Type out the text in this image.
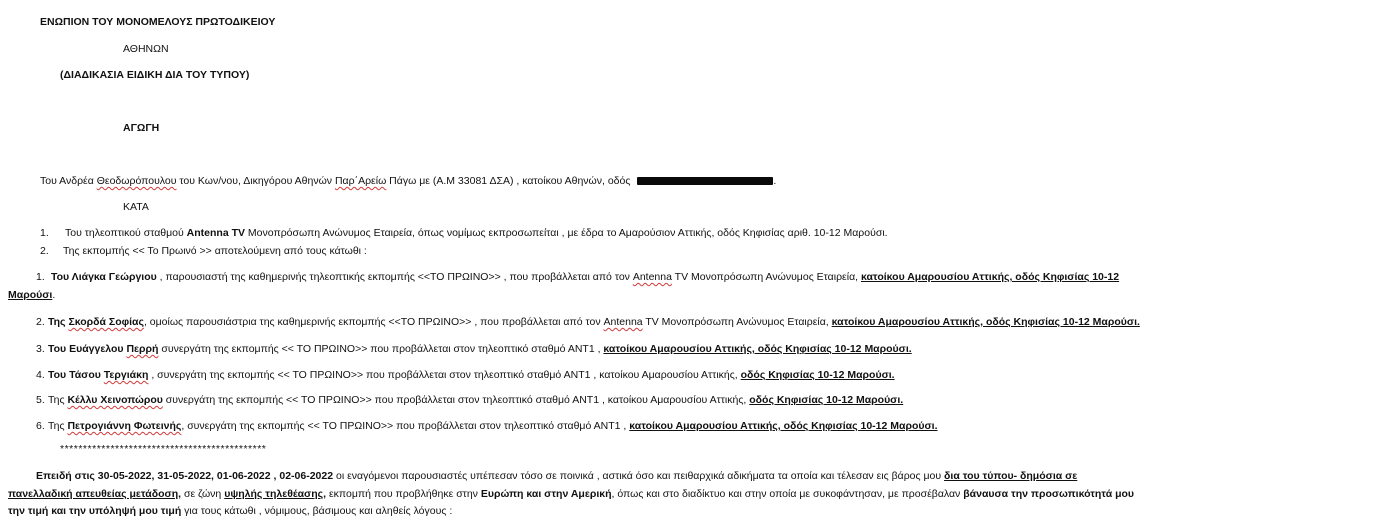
ΕΝΩΠΙΟΝ ΤΟΥ ΜΟΝΟΜΕΛΟΥΣ ΠΡΩΤΟΔΙΚΕΙΟΥ
ΑΘΗΝΩΝ
(ΔΙΑΔΙΚΑΣΙΑ ΕΙΔΙΚΗ ΔΙΑ ΤΟΥ ΤΥΠΟΥ)
ΑΓΩΓΗ
Του Ανδρέα Θεοδωρόπουλου του Κων/νου, Δικηγόρου Αθηνών Παρ΄Αρείω Πάγω με (Α.Μ 33081 ΔΣΑ) , κατοίκου Αθηνών, οδός	.
ΚΑΤΑ
1. Του τηλεοπτικού σταθμού Antenna TV Μονοπρόσωπη Ανώνυμος Εταιρεία, όπως νομίμως εκπροσωπείται , με έδρα το Αμαρούσιον Αττικής, οδός Κηφισίας αριθ. 10-12 Μαρούσι.
2. Της εκπομπής << Το Πρωινό >> αποτελούμενη από τους κάτωθι :
1. Του Λιάγκα Γεώργιου , παρουσιαστή της καθημερινής τηλεοπτικής εκπομπής <<ΤΟ ΠΡΩΙΝΟ>> , που προβάλλεται από τον Antenna TV Μονοπρόσωπη Ανώνυμος Εταιρεία, κατοίκου Αμαρουσίου Αττικής, οδός Κηφισίας 10-12
Μαρούσι.
2. Της Σκορδά Σοφίας, ομοίως παρουσιάστρια της καθημερινής εκπομπής <<ΤΟ ΠΡΩΙΝΟ>> , που προβάλλεται από τον Antenna TV Μονοπρόσωπη Ανώνυμος Εταιρεία, κατοίκου Αμαρουσίου Αττικής, οδός Κηφισίας 10-12 Μαρούσι.
3. Του Ευάγγελου Περρή συνεργάτη της εκπομπής << ΤΟ ΠΡΩΙΝΟ>> που προβάλλεται στον τηλεοπτικό σταθμό ΑΝΤ1 , κατοίκου Αμαρουσίου Αττικής, οδός Κηφισίας 10-12 Μαρούσι.
4. Του Τάσου Τεργιάκη , συνεργάτη της εκπομπής << ΤΟ ΠΡΩΙΝΟ>> που προβάλλεται στον τηλεοπτικό σταθμό ΑΝΤ1 , κατοίκου Αμαρουσίου Αττικής, οδός Κηφισίας 10-12 Μαρούσι.
5. Της Κέλλυ Χεινοπώρου συνεργάτη της εκπομπής << ΤΟ ΠΡΩΙΝΟ>> που προβάλλεται στον τηλεοπτικό σταθμό ΑΝΤ1 , κατοίκου Αμαρουσίου Αττικής, οδός Κηφισίας 10-12 Μαρούσι.
6. Της Πετρογιάννη Φωτεινής, συνεργάτη της εκπομπής << ΤΟ ΠΡΩΙΝΟ>> που προβάλλεται στον τηλεοπτικό σταθμό ΑΝΤ1 , κατοίκου Αμαρουσίου Αττικής, οδός Κηφισίας 10-12 Μαρούσι.
*********************************************
Επειδή στις 30-05-2022, 31-05-2022, 01-06-2022 , 02-06-2022 οι εναγόμενοι παρουσιαστές υπέπεσαν τόσο σε ποινικά , αστικά όσο και πειθαρχικά αδικήματα τα οποία και τέλεσαν εις βάρος μου δια του τύπου- δημόσια σε
πανελλαδική απευθείας μετάδοση, σε ζώνη υψηλής τηλεθέασης, εκπομπή που προβλήθηκε στην Ευρώπη και στην Αμερική, όπως και στο διαδίκτυο και στην οποία με συκοφάντησαν, με προσέβαλαν βάναυσα την προσωπικότητά μου
την τιμή και την υπόληψή μου τιμή για τους κάτωθι , νόμιμους, βάσιμους και αληθείς λόγους :
